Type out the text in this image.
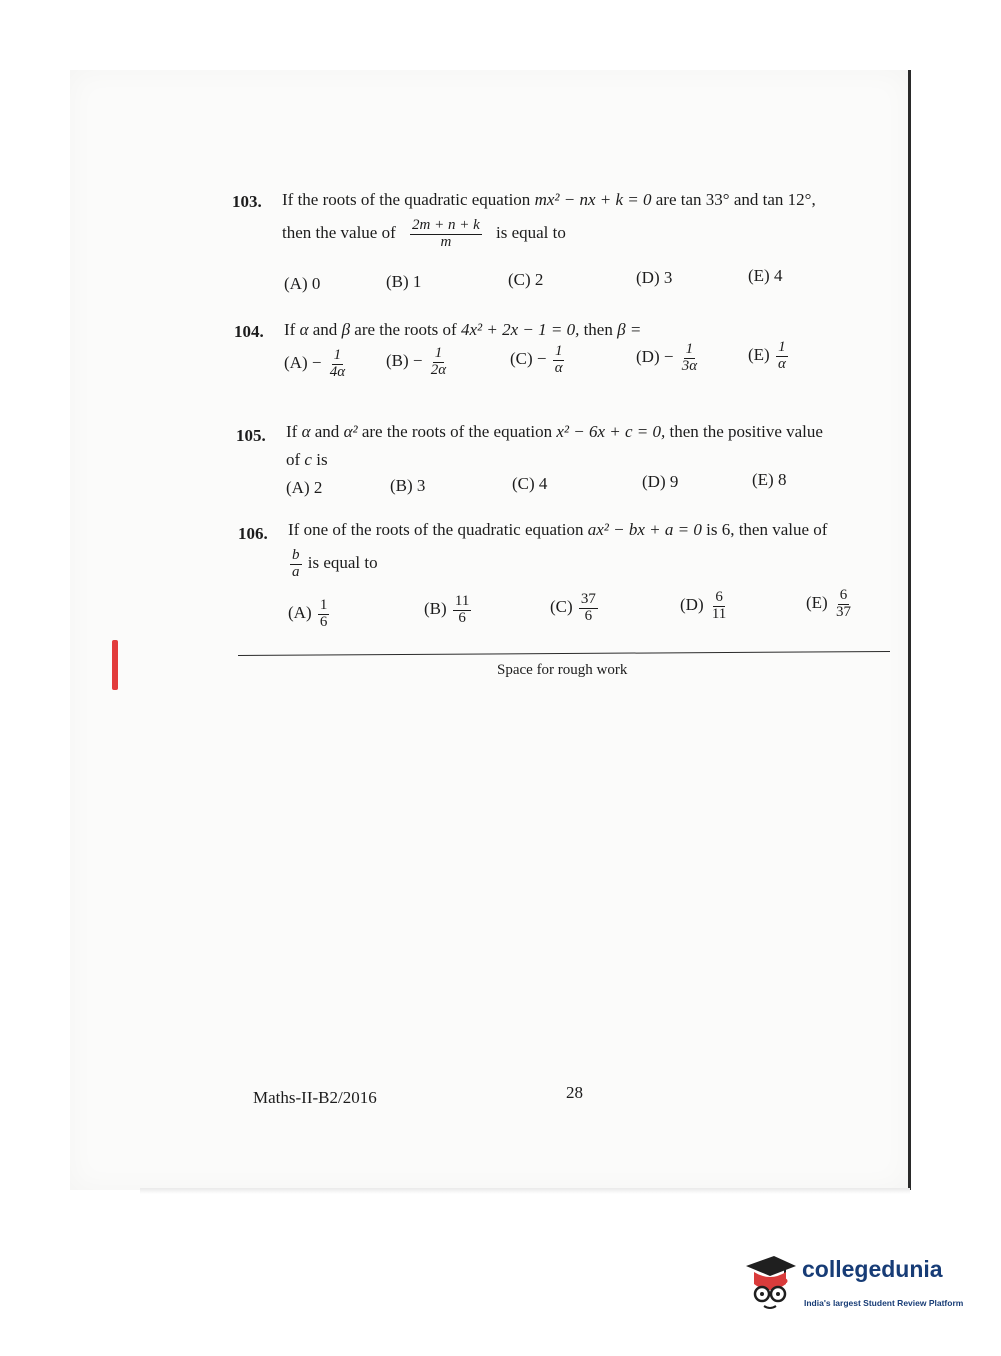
103. If the roots of the quadratic equation mx² − nx + k = 0 are tan 33° and tan 12°,
then the value of $\frac{2m + n + k}{m}$ is equal to
(A) 0	(B) 1	(C) 2	(D) 3	(E) 4
104. If α and β are the roots of 4x² + 2x − 1 = 0, then β =
$(A) - \frac{1}{4\alpha} (B) - \frac{1}{2\alpha}$	$(C) - \frac{1}{\alpha}$	$(D) - \frac{1}{3\alpha}$	$(E) \frac{1}{\alpha}$
105. If α and α² are the roots of the equation x² − 6x + c = 0, then the positive value
of c is
(A) 2	(B) 3	(C) 4	(D) 9	(E) 8
106. If one of the roots of the quadratic equation ax² − bx + a = 0 is 6, then value of
$\frac{b}{a}$ is equal to
$(A) \frac{1}{6}$	$(B) \frac{11}{6}$	$(C) \frac{37}{6}$	$(D) \frac{6}{11}$	$(E) \frac{6}{37}$
Space for rough work
Maths-II-B2/2016	28
collegedunia
India's largest Student Review Platform
